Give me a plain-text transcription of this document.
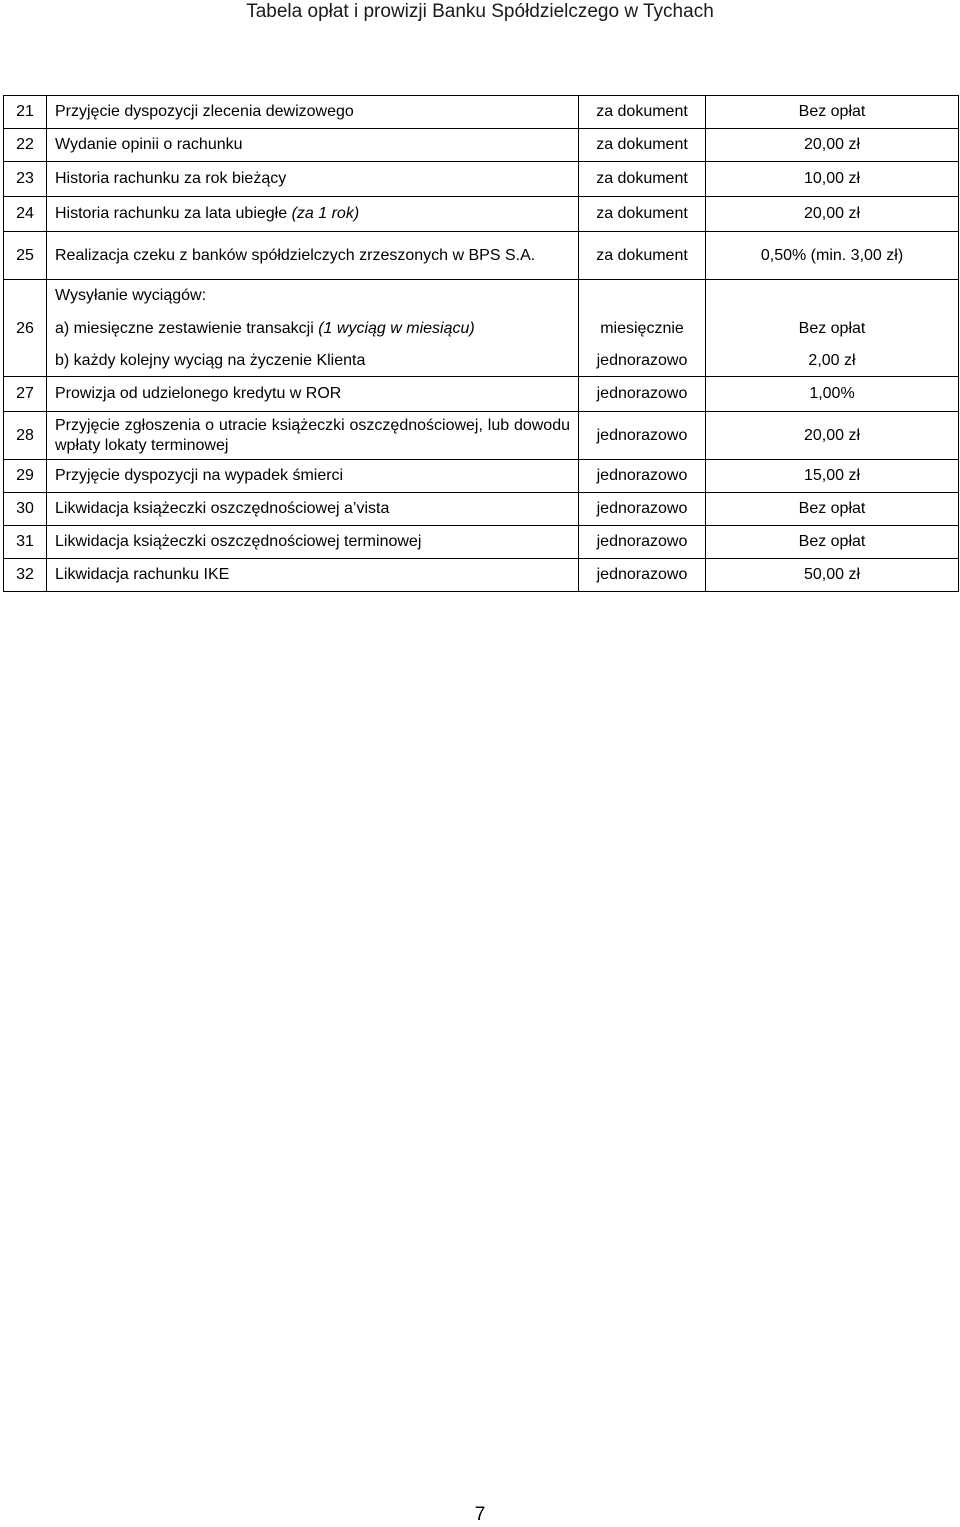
Tabela opłat i prowizji Banku Spółdzielczego w Tychach
21	Przyjęcie dyspozycji zlecenia dewizowego	za dokument	Bez opłat
22	Wydanie opinii o rachunku	za dokument	20,00 zł
23	Historia rachunku za rok bieżący	za dokument	10,00 zł
24	Historia rachunku za lata ubiegłe (za 1 rok)	za dokument	20,00 zł
25	Realizacja czeku z banków spółdzielczych zrzeszonych w BPS S.A.	za dokument	0,50% (min. 3,00 zł)
	Wysyłanie wyciągów:		
26	a) miesięczne zestawienie transakcji (1 wyciąg w miesiącu)	miesięcznie	Bez opłat
	b) każdy kolejny wyciąg na życzenie Klienta	jednorazowo	2,00 zł
27	Prowizja od udzielonego kredytu w ROR	jednorazowo	1,00%
28	Przyjęcie zgłoszenia o utracie książeczki oszczędnościowej, lub dowodu wpłaty lokaty terminowej	jednorazowo	20,00 zł
29	Przyjęcie dyspozycji na wypadek śmierci	jednorazowo	15,00 zł
30	Likwidacja książeczki oszczędnościowej a’vista	jednorazowo	Bez opłat
31	Likwidacja książeczki oszczędnościowej terminowej	jednorazowo	Bez opłat
32	Likwidacja rachunku IKE	jednorazowo	50,00 zł
7
